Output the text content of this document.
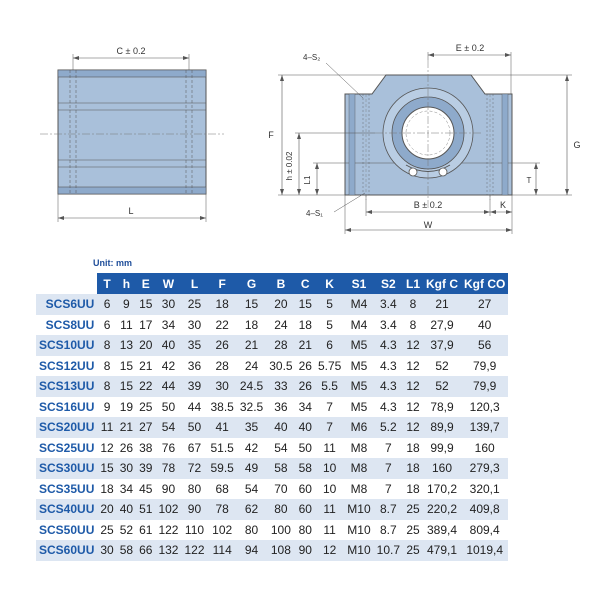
C ± 0.2
L
4–S₂
E ± 0.2
F
h ± 0.02 L1
G
T
4–S₁
B ± 0.2	K
W
Unit: mm
	T	h	E	W	L	F	G	B	C	K	S1	S2	L1	Kgf C	Kgf CO
SCS6UU	6	9	15	30	25	18	15	20	15	5	M4	3.4	8	21	27
SCS8UU	6	11	17	34	30	22	18	24	18	5	M4	3.4	8	27,9	40
SCS10UU	8	13	20	40	35	26	21	28	21	6	M5	4.3	12	37,9	56
SCS12UU	8	15	21	42	36	28	24	30.5	26	5.75	M5	4.3	12	52	79,9
SCS13UU	8	15	22	44	39	30	24.5	33	26	5.5	M5	4.3	12	52	79,9
SCS16UU	9	19	25	50	44	38.5	32.5	36	34	7	M5	4.3	12	78,9	120,3
SCS20UU	11	21	27	54	50	41	35	40	40	7	M6	5.2	12	89,9	139,7
SCS25UU	12	26	38	76	67	51.5	42	54	50	11	M8	7	18	99,9	160
SCS30UU	15	30	39	78	72	59.5	49	58	58	10	M8	7	18	160	279,3
SCS35UU	18	34	45	90	80	68	54	70	60	10	M8	7	18	170,2	320,1
SCS40UU	20	40	51	102	90	78	62	80	60	11	M10	8.7	25	220,2	409,8
SCS50UU	25	52	61	122	110	102	80	100	80	11	M10	8.7	25	389,4	809,4
SCS60UU	30	58	66	132	122	114	94	108	90	12	M10	10.7	25	479,1	1019,4
